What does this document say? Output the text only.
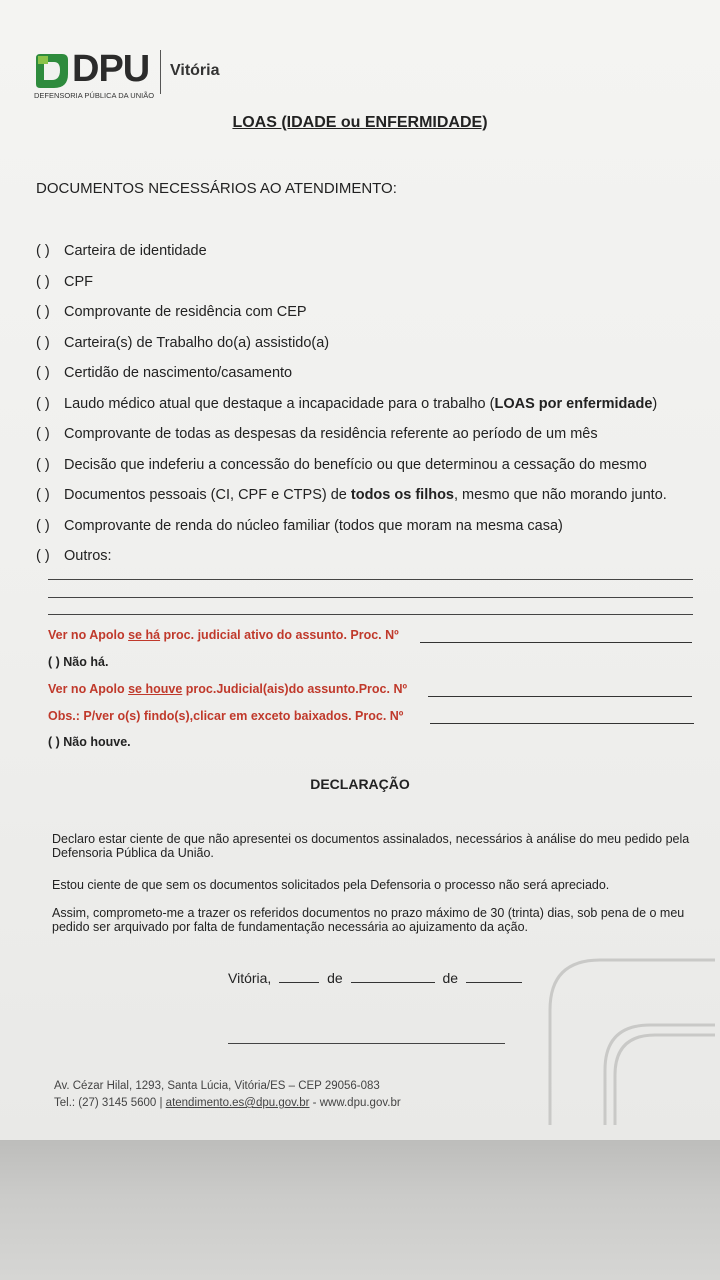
DPU
DEFENSORIA PÚBLICA DA UNIÃO
Vitória
LOAS (IDADE ou ENFERMIDADE)
DOCUMENTOS NECESSÁRIOS AO ATENDIMENTO:
( ) Carteira de identidade
( ) CPF
( ) Comprovante de residência com CEP
( ) Carteira(s) de Trabalho do(a) assistido(a)
( ) Certidão de nascimento/casamento
( ) Laudo médico atual que destaque a incapacidade para o trabalho (LOAS por enfermidade)
( ) Comprovante de todas as despesas da residência referente ao período de um mês
( ) Decisão que indeferiu a concessão do benefício ou que determinou a cessação do mesmo
( ) Documentos pessoais (CI, CPF e CTPS) de todos os filhos, mesmo que não morando junto.
( ) Comprovante de renda do núcleo familiar (todos que moram na mesma casa)
( ) Outros:
Ver no Apolo se há proc. judicial ativo do assunto. Proc. Nº
( ) Não há.
Ver no Apolo se houve proc.Judicial(ais)do assunto.Proc. Nº
Obs.: P/ver o(s) findo(s),clicar em exceto baixados. Proc. Nº
( ) Não houve.
DECLARAÇÃO
Declaro estar ciente de que não apresentei os documentos assinalados, necessários à análise do meu pedido pela Defensoria Pública da União.
Estou ciente de que sem os documentos solicitados pela Defensoria o processo não será apreciado.
Assim, comprometo-me a trazer os referidos documentos no prazo máximo de 30 (trinta) dias, sob pena de o meu pedido ser arquivado por falta de fundamentação necessária ao ajuizamento da ação.
Vitória,	de	de
Av. Cézar Hilal, 1293, Santa Lúcia, Vitória/ES – CEP 29056-083
Tel.: (27) 3145 5600 | atendimento.es@dpu.gov.br - www.dpu.gov.br
